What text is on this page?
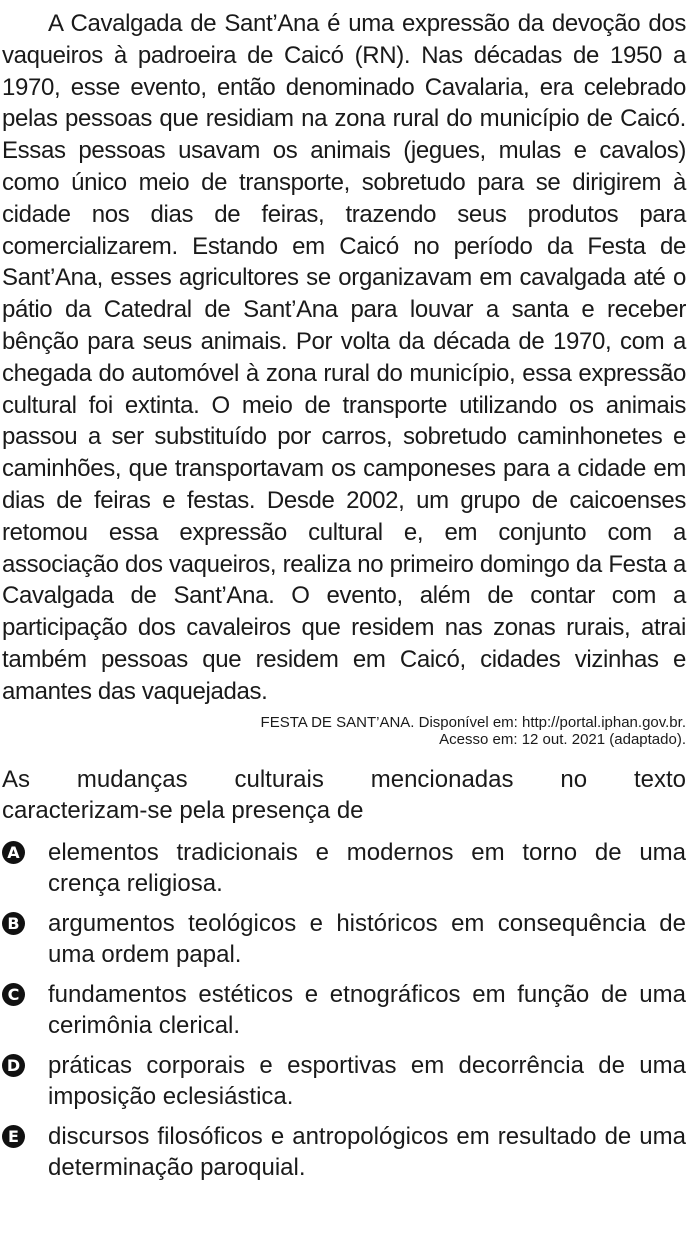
A Cavalgada de Sant’Ana é uma expressão da devoção dos vaqueiros à padroeira de Caicó (RN). Nas décadas de 1950 a 1970, esse evento, então denominado Cavalaria, era celebrado pelas pessoas que residiam na zona rural do município de Caicó. Essas pessoas usavam os animais (jegues, mulas e cavalos) como único meio de transporte, sobretudo para se dirigirem à cidade nos dias de feiras, trazendo seus produtos para comercializarem. Estando em Caicó no período da Festa de Sant’Ana, esses agricultores se organizavam em cavalgada até o pátio da Catedral de Sant’Ana para louvar a santa e receber bênção para seus animais. Por volta da década de 1970, com a chegada do automóvel à zona rural do município, essa expressão cultural foi extinta. O meio de transporte utilizando os animais passou a ser substituído por carros, sobretudo caminhonetes e caminhões, que transportavam os camponeses para a cidade em dias de feiras e festas. Desde 2002, um grupo de caicoenses retomou essa expressão cultural e, em conjunto com a associação dos vaqueiros, realiza no primeiro domingo da Festa a Cavalgada de Sant’Ana. O evento, além de contar com a participação dos cavaleiros que residem nas zonas rurais, atrai também pessoas que residem em Caicó, cidades vizinhas e amantes das vaquejadas.

FESTA DE SANT’ANA. Disponível em: http://portal.iphan.gov.br.
Acesso em: 12 out. 2021 (adaptado).
As mudanças culturais mencionadas no texto
caracterizam-se pela presença de
A elementos tradicionais e modernos em torno de uma crença religiosa.
B argumentos teológicos e históricos em consequência de uma ordem papal.
C fundamentos estéticos e etnográficos em função de uma cerimônia clerical.
D práticas corporais e esportivas em decorrência de uma imposição eclesiástica.
E discursos filosóficos e antropológicos em resultado de uma determinação paroquial.
